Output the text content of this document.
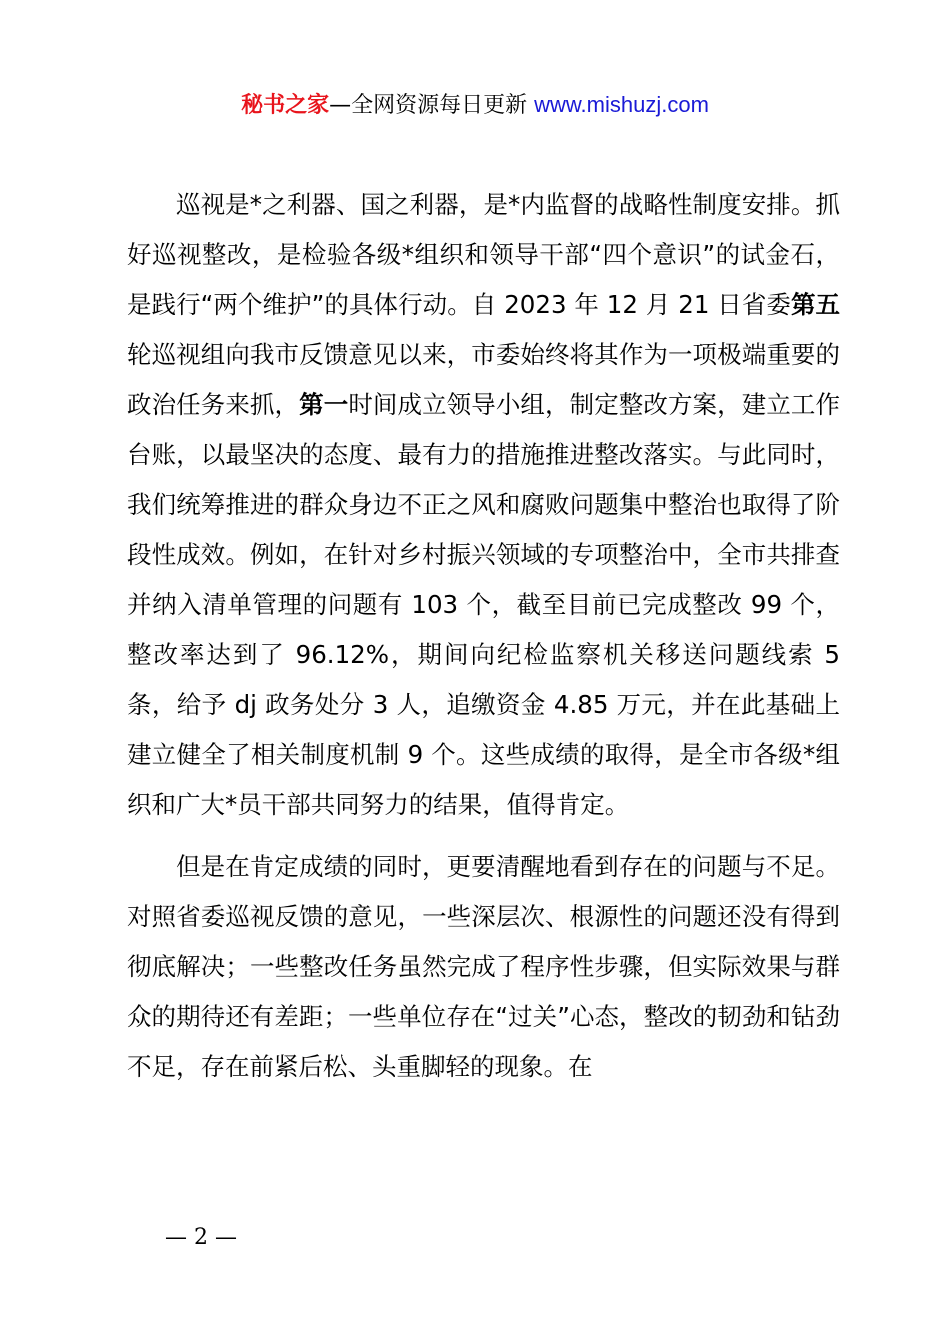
秘书之家—全网资源每日更新 www.mishuzj.com

巡视是*之利器、国之利器，是*内监督的战略性制度安排。抓好巡视整改，是检验各级*组织和领导干部“四个意识”的试金石，是践行“两个维护”的具体行动。自 2023 年 12 月 21 日省委第五轮巡视组向我市反馈意见以来，市委始终将其作为一项极端重要的政治任务来抓，第一时间成立领导小组，制定整改方案，建立工作台账，以最坚决的态度、最有力的措施推进整改落实。与此同时，我们统筹推进的群众身边不正之风和腐败问题集中整治也取得了阶段性成效。例如，在针对乡村振兴领域的专项整治中，全市共排查并纳入清单管理的问题有 103 个，截至目前已完成整改 99 个，整改率达到了 96.12%，期间向纪检监察机关移送问题线索 5 条，给予 dj 政务处分 3 人，追缴资金 4.85 万元，并在此基础上建立健全了相关制度机制 9 个。这些成绩的取得，是全市各级*组织和广大*员干部共同努力的结果，值得肯定。

但是在肯定成绩的同时，更要清醒地看到存在的问题与不足。对照省委巡视反馈的意见，一些深层次、根源性的问题还没有得到彻底解决；一些整改任务虽然完成了程序性步骤，但实际效果与群众的期待还有差距；一些单位存在“过关”心态，整改的韧劲和钻劲不足，存在前紧后松、头重脚轻的现象。在

— 2 —
